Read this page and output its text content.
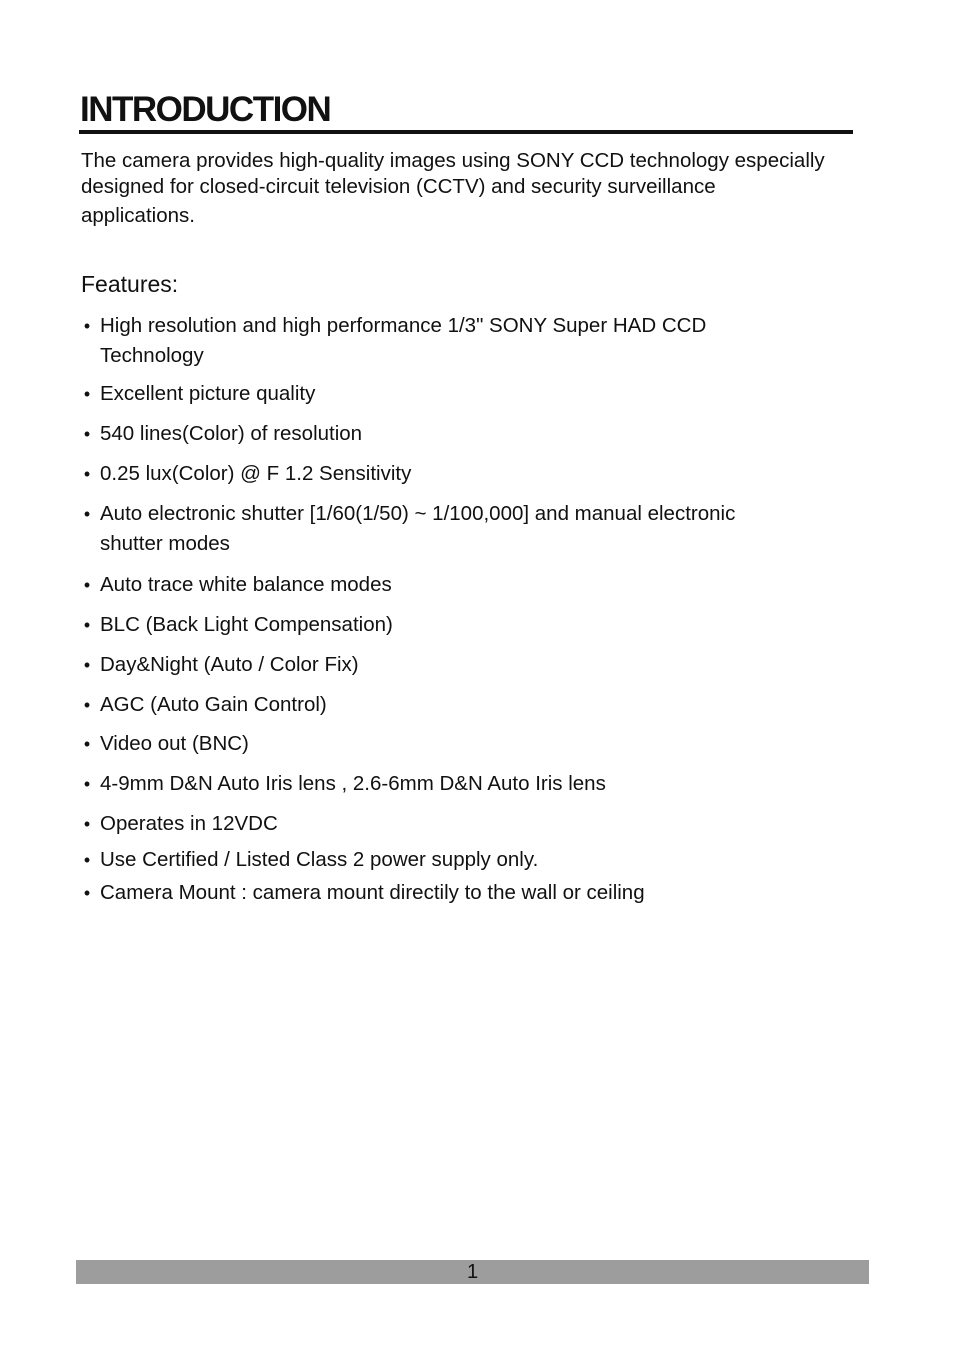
INTRODUCTION

The camera provides high-quality images using SONY CCD technology especially
designed for closed-circuit television (CCTV) and security surveillance
applications.

Features:
• High resolution and high performance 1/3" SONY Super HAD CCD
Technology
• Excellent picture quality
• 540 lines(Color) of resolution
• 0.25 lux(Color) @ F 1.2 Sensitivity
• Auto electronic shutter [1/60(1/50) ~ 1/100,000] and manual electronic
shutter modes
• Auto trace white balance modes
• BLC (Back Light Compensation)
• Day&Night (Auto / Color Fix)
• AGC (Auto Gain Control)
• Video out (BNC)
• 4-9mm D&N Auto Iris lens , 2.6-6mm D&N Auto Iris lens
• Operates in 12VDC
• Use Certified / Listed Class 2 power supply only.
• Camera Mount : camera mount directily to the wall or ceiling
1
